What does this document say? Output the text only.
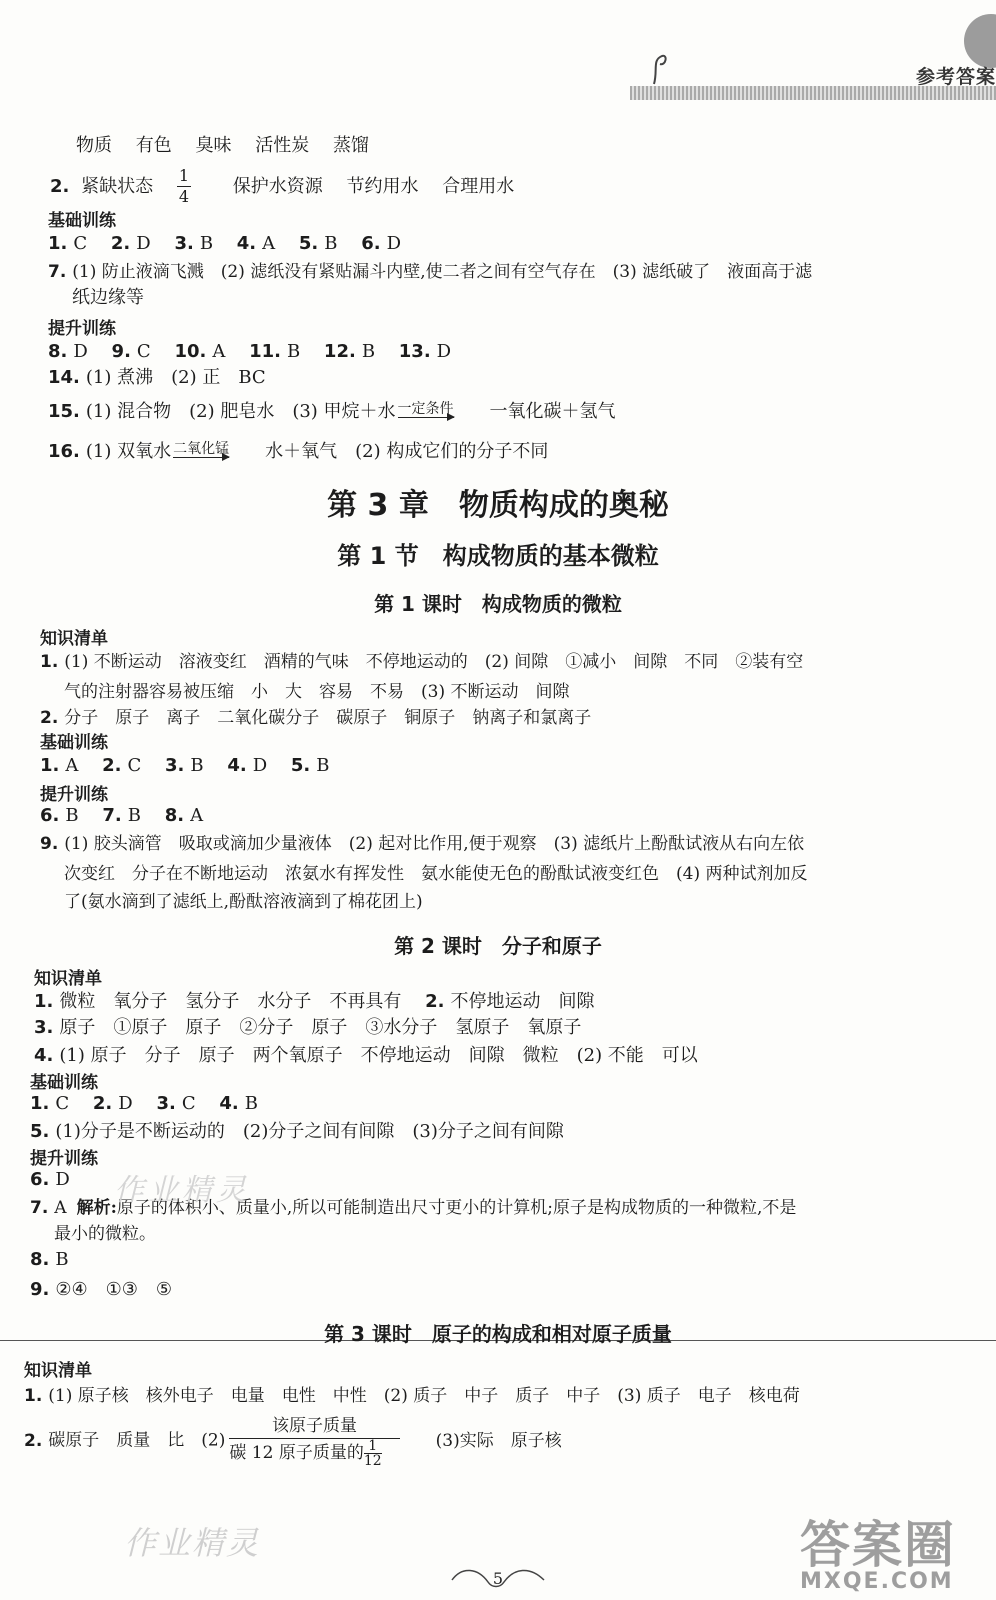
参考答案
物质 有色 臭味 活性炭 蒸馏
2. 紧缺状态 $\frac{1}{4}$ 保护水资源 节约用水 合理用水
基础训练
1. C 2. D 3. B 4. A 5. B 6. D
7. (1) 防止液滴飞溅　(2) 滤纸没有紧贴漏斗内壁,使二者之间有空气存在　(3) 滤纸破了　液面高于滤
纸边缘等
提升训练
8. D 9. C 10. A 11. B 12. B 13. D
14. (1) 煮沸　(2) 正　BC
15. (1) 混合物　(2) 肥皂水　(3) 甲烷＋水 一定条件 一氧化碳＋氢气
16. (1) 双氧水 二氧化锰 水＋氧气　(2) 构成它们的分子不同
第 3 章　物质构成的奥秘
第 1 节　构成物质的基本微粒
第 1 课时　构成物质的微粒
知识清单
1. (1) 不断运动　溶液变红　酒精的气味　不停地运动的　(2) 间隙　①减小　间隙　不同　②装有空
气的注射器容易被压缩　小　大　容易　不易　(3) 不断运动　间隙
2. 分子　原子　离子　二氧化碳分子　碳原子　铜原子　钠离子和氯离子
基础训练
1. A 2. C 3. B 4. D 5. B
提升训练
6. B 7. B 8. A
9. (1) 胶头滴管　吸取或滴加少量液体　(2) 起对比作用,便于观察　(3) 滤纸片上酚酞试液从右向左依
次变红　分子在不断地运动　浓氨水有挥发性　氨水能使无色的酚酞试液变红色　(4) 两种试剂加反
了(氨水滴到了滤纸上,酚酞溶液滴到了棉花团上)
第 2 课时　分子和原子
知识清单
1. 微粒　氧分子　氢分子　水分子　不再具有 2. 不停地运动　间隙
3. 原子　①原子　原子　②分子　原子　③水分子　氢原子　氧原子
4. (1) 原子　分子　原子　两个氧原子　不停地运动　间隙　微粒　(2) 不能　可以
基础训练
1. C 2. D 3. C 4. B
5. (1)分子是不断运动的　(2)分子之间有间隙　(3)分子之间有间隙
提升训练
6. D
7. A 解析:原子的体积小、质量小,所以可能制造出尺寸更小的计算机;原子是构成物质的一种微粒,不是
最小的微粒。
8. B
9. ②④　①③　⑤
第 3 课时　原子的构成和相对原子质量
知识清单
1. (1) 原子核　核外电子　电量　电性　中性　(2) 质子　中子　质子　中子　(3) 质子　电子　核电荷
2. 碳原子　质量　比　(2)
该原子质量
碳 12 原子质量的 $\frac{1}{12} (3)$实际　原子核
作业精灵
作业精灵
5
答案圈
MXQE.COM
